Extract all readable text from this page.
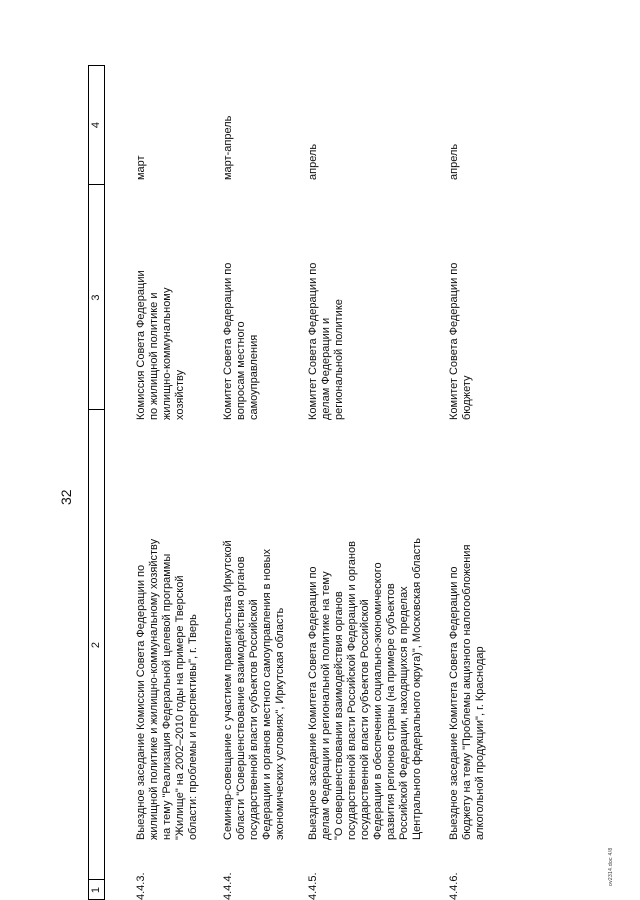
32
1
2
3
4
4.4.3.
Выездное заседание Комиссии Совета Федерации по
жилищной политике и жилищно-коммунальному хозяйству
на тему "Реализация Федеральной целевой программы
"Жилище" на 2002–2010 годы на примере Тверской
области: проблемы и перспективы", г. Тверь
Комиссия Совета Федерации
по жилищной политике и
жилищно-коммунальному
хозяйству
март
4.4.4.
Семинар-совещание с участием правительства Иркутской
области "Совершенствование взаимодействия органов
государственной власти субъектов Российской
Федерации и органов местного самоуправления в новых
экономических условиях", Иркутская область
Комитет Совета Федерации по
вопросам местного
самоуправления
март-апрель
4.4.5.
Выездное заседание Комитета Совета Федерации по
делам Федерации и региональной политике на тему
"О совершенствовании взаимодействия органов
государственной власти Российской Федерации и органов
государственной власти субъектов Российской
Федерации в обеспечении социально-экономического
развития регионов страны (на примере субъектов
Российской Федерации, находящихся в пределах
Центрального федерального округа)", Московская область
Комитет Совета Федерации по
делам Федерации и
региональной политике
апрель
4.4.6.
Выездное заседание Комитета Совета Федерации по
бюджету на тему "Проблемы акцизного налогообложения
алкогольной продукции", г. Краснодар
Комитет Совета Федерации по
бюджету
апрель
ov2314.doc 4/8
